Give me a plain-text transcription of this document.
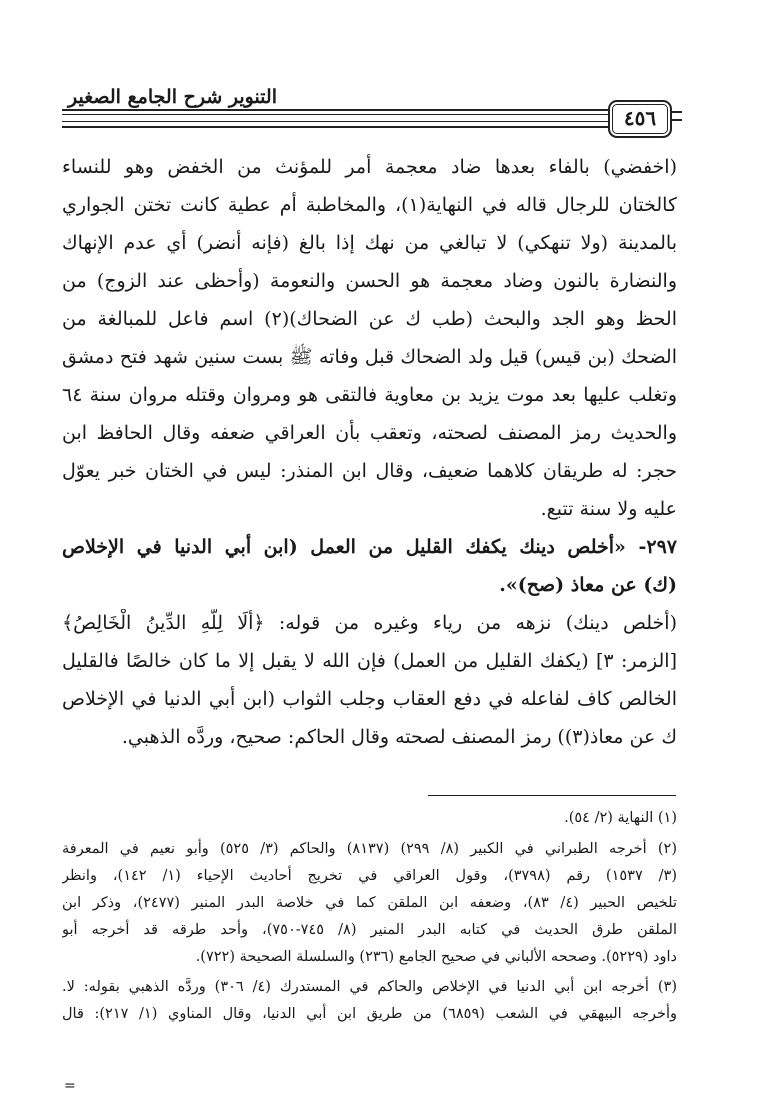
التنوير شرح الجامع الصغير
٤٥٦
(اخفضي) بالفاء بعدها ضاد معجمة أمر للمؤنث من الخفض وهو للنساء
كالختان للرجال قاله في النهاية(١)، والمخاطبة أم عطية كانت تختن الجواري
بالمدينة (ولا تنهكي) لا تبالغي من نهك إذا بالغ (فإنه أنضر) أي عدم الإنهاك
والنضارة بالنون وضاد معجمة هو الحسن والنعومة (وأحظى عند الزوج) من
الحظ وهو الجد والبحث (طب ك عن الضحاك)(٢) اسم فاعل للمبالغة من
الضحك (بن قيس) قيل ولد الضحاك قبل وفاته ﷺ بست سنين شهد فتح دمشق
وتغلب عليها بعد موت يزيد بن معاوية فالتقى هو ومروان وقتله مروان سنة ٦٤
والحديث رمز المصنف لصحته، وتعقب بأن العراقي ضعفه وقال الحافظ ابن
حجر: له طريقان كلاهما ضعيف، وقال ابن المنذر: ليس في الختان خبر يعوّل
عليه ولا سنة تتبع.
٢٩٧- «أخلص دينك يكفك القليل من العمل (ابن أبي الدنيا في الإخلاص
(ك) عن معاذ (صح)».
(أخلص دينك) نزهه من رياء وغيره من قوله: ﴿أَلَا لِلَّهِ الدِّينُ الْخَالِصُ﴾
[الزمر: ٣] (يكفك القليل من العمل) فإن الله لا يقبل إلا ما كان خالصًا فالقليل
الخالص كاف لفاعله في دفع العقاب وجلب الثواب (ابن أبي الدنيا في الإخلاص
ك عن معاذ(٣)) رمز المصنف لصحته وقال الحاكم: صحيح، وردَّه الذهبي.
(١) النهاية (٢/ ٥٤).
(٢) أخرجه الطبراني في الكبير (٨/ ٢٩٩) (٨١٣٧) والحاكم (٣/ ٥٢٥) وأبو نعيم في المعرفة
(٣/ ١٥٣٧) رقم (٣٧٩٨)، وقول العراقي في تخريج أحاديث الإحياء (١/ ١٤٢)، وانظر
تلخيص الحبير (٤/ ٨٣)، وضعفه ابن الملقن كما في خلاصة البدر المنير (٢٤٧٧)، وذكر ابن
الملقن طرق الحديث في كتابه البدر المنير (٨/ ٧٤٥-٧٥٠)، وأحد طرقه قد أخرجه أبو
داود (٥٢٢٩). وصححه الألباني في صحيح الجامع (٢٣٦) والسلسلة الصحيحة (٧٢٢).
(٣) أخرجه ابن أبي الدنيا في الإخلاص والحاكم في المستدرك (٤/ ٣٠٦) وردَّه الذهبي بقوله: لا.
وأخرجه البيهقي في الشعب (٦٨٥٩) من طريق ابن أبي الدنيا، وقال المناوي (١/ ٢١٧): قال
=
